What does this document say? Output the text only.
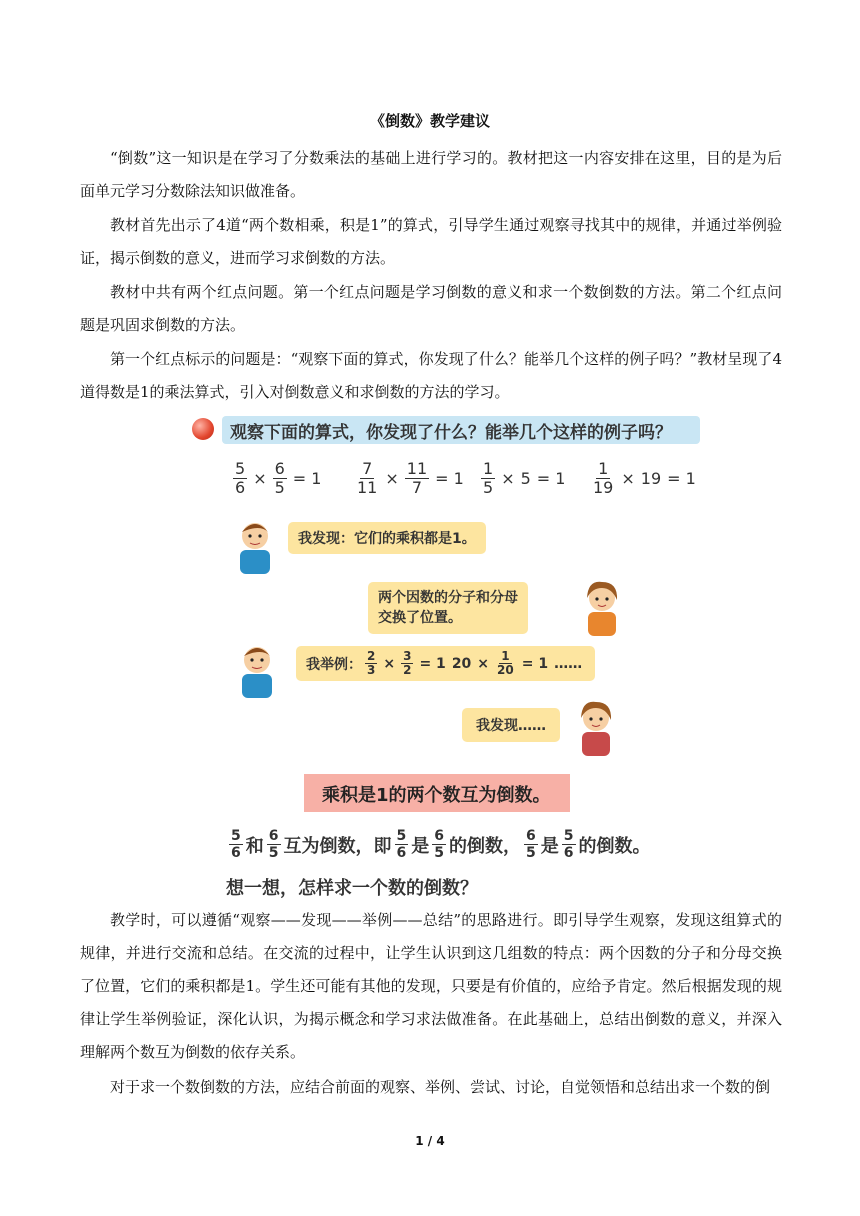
《倒数》教学建议

“倒数”这一知识是在学习了分数乘法的基础上进行学习的。教材把这一内容安排在这里，目的是为后面单元学习分数除法知识做准备。

教材首先出示了4道“两个数相乘，积是1”的算式，引导学生通过观察寻找其中的规律，并通过举例验证，揭示倒数的意义，进而学习求倒数的方法。

教材中共有两个红点问题。第一个红点问题是学习倒数的意义和求一个数倒数的方法。第二个红点问题是巩固求倒数的方法。

第一个红点标示的问题是：“观察下面的算式，你发现了什么？能举几个这样的例子吗？”教材呈现了4道得数是1的乘法算式，引入对倒数意义和求倒数的方法的学习。

观察下面的算式，你发现了什么？能举几个这样的例子吗？
$\frac{5}{6} \times \frac{6}{5} = 1 \frac{7}{11} \times \frac{11}{7} = 1 \frac{1}{5} \times 5 = 1 \frac{1}{19} \times 19 = 1$
我发现：它们的乘积都是1。
两个因数的分子和分母
交换了位置。
我举例： $\frac{2}{3} \times \frac{3}{2} = 1$ $20 \times \frac{1}{20} = 1$ ……
我发现……
乘积是1的两个数互为倒数。
$\frac{5}{6}$ 和 $\frac{6}{5}$ 互为倒数，即 $\frac{5}{6}$ 是 $\frac{6}{5}$ 的倒数， $\frac{6}{5}$ 是 $\frac{5}{6}$ 的倒数。
想一想，怎样求一个数的倒数？

教学时，可以遵循“观察——发现——举例——总结”的思路进行。即引导学生观察，发现这组算式的规律，并进行交流和总结。在交流的过程中，让学生认识到这几组数的特点：两个因数的分子和分母交换了位置，它们的乘积都是1。学生还可能有其他的发现，只要是有价值的，应给予肯定。然后根据发现的规律让学生举例验证，深化认识，为揭示概念和学习求法做准备。在此基础上，总结出倒数的意义，并深入理解两个数互为倒数的依存关系。

对于求一个数倒数的方法，应结合前面的观察、举例、尝试、讨论，自觉领悟和总结出求一个数的倒

1 / 4
